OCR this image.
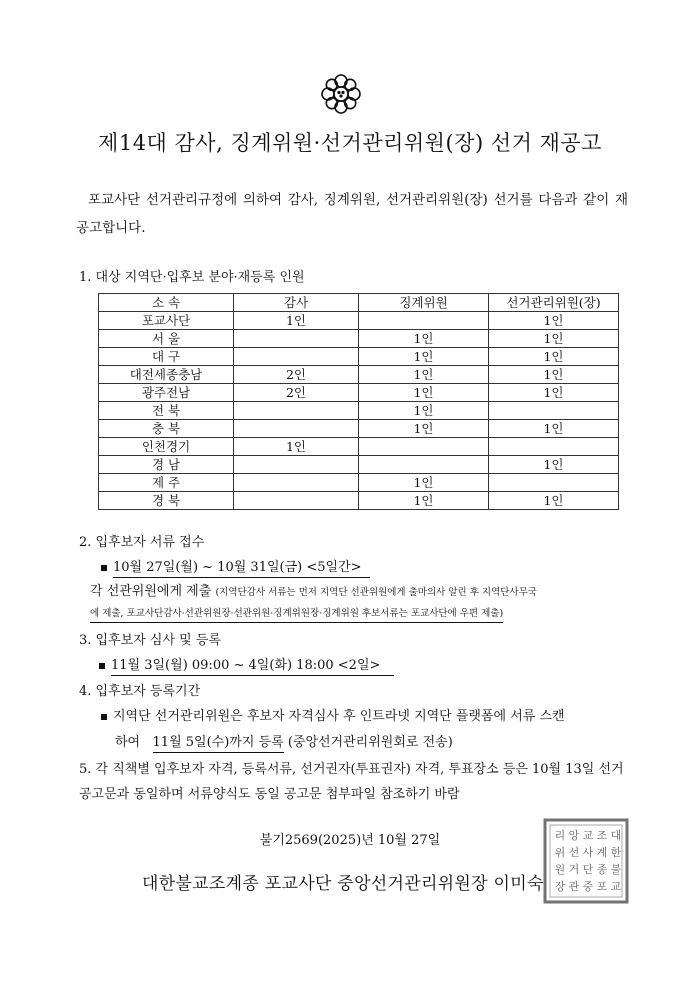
제14대 감사, 징계위원·선거관리위원(장) 선거 재공고
포교사단 선거관리규정에 의하여 감사, 징계위원, 선거관리위원(장) 선거를 다음과 같이 재공고합니다.
1. 대상 지역단·입후보 분야·재등록 인원
소 속	감사	징계위원	선거관리위원(장)
포교사단	1인		1인
서 울		1인	1인
대 구		1인	1인
대전세종충남	2인	1인	1인
광주전남	2인	1인	1인
전 북		1인	
충 북		1인	1인
인천경기	1인		
경 남			1인
제 주		1인	
경 북		1인	1인
2. 입후보자 서류 접수
10월 27일(월) ~ 10월 31일(금) <5일간>
각 선관위원에게 제출 (지역단감사 서류는 먼저 지역단 선관위원에게 출마의사 알린 후 지역단사무국
에 제출, 포교사단감사·선관위원장·선관위원·징계위원장·징계위원 후보서류는 포교사단에 우편 제출)
3. 입후보자 심사 및 등록
11월 3일(월) 09:00 ~ 4일(화) 18:00 <2일>
4. 입후보자 등록기간
지역단 선거관리위원은 후보자 자격심사 후 인트라넷 지역단 플랫폼에 서류 스캔
하여 11월 5일(수)까지 등록 (중앙선거관리위원회로 전송)
5. 각 직책별 입후보자 자격, 등록서류, 선거권자(투표권자) 자격, 투표장소 등은 10월 13일 선거공고문과 동일하며 서류양식도 동일 공고문 첨부파일 참조하기 바람
불기2569(2025)년 10월 27일
대한불교조계종 포교사단 중앙선거관리위원장 이미숙
대
한
불
교
조
계
종
포
교
사
단
중
앙
선
거
관
리
위
원
장
